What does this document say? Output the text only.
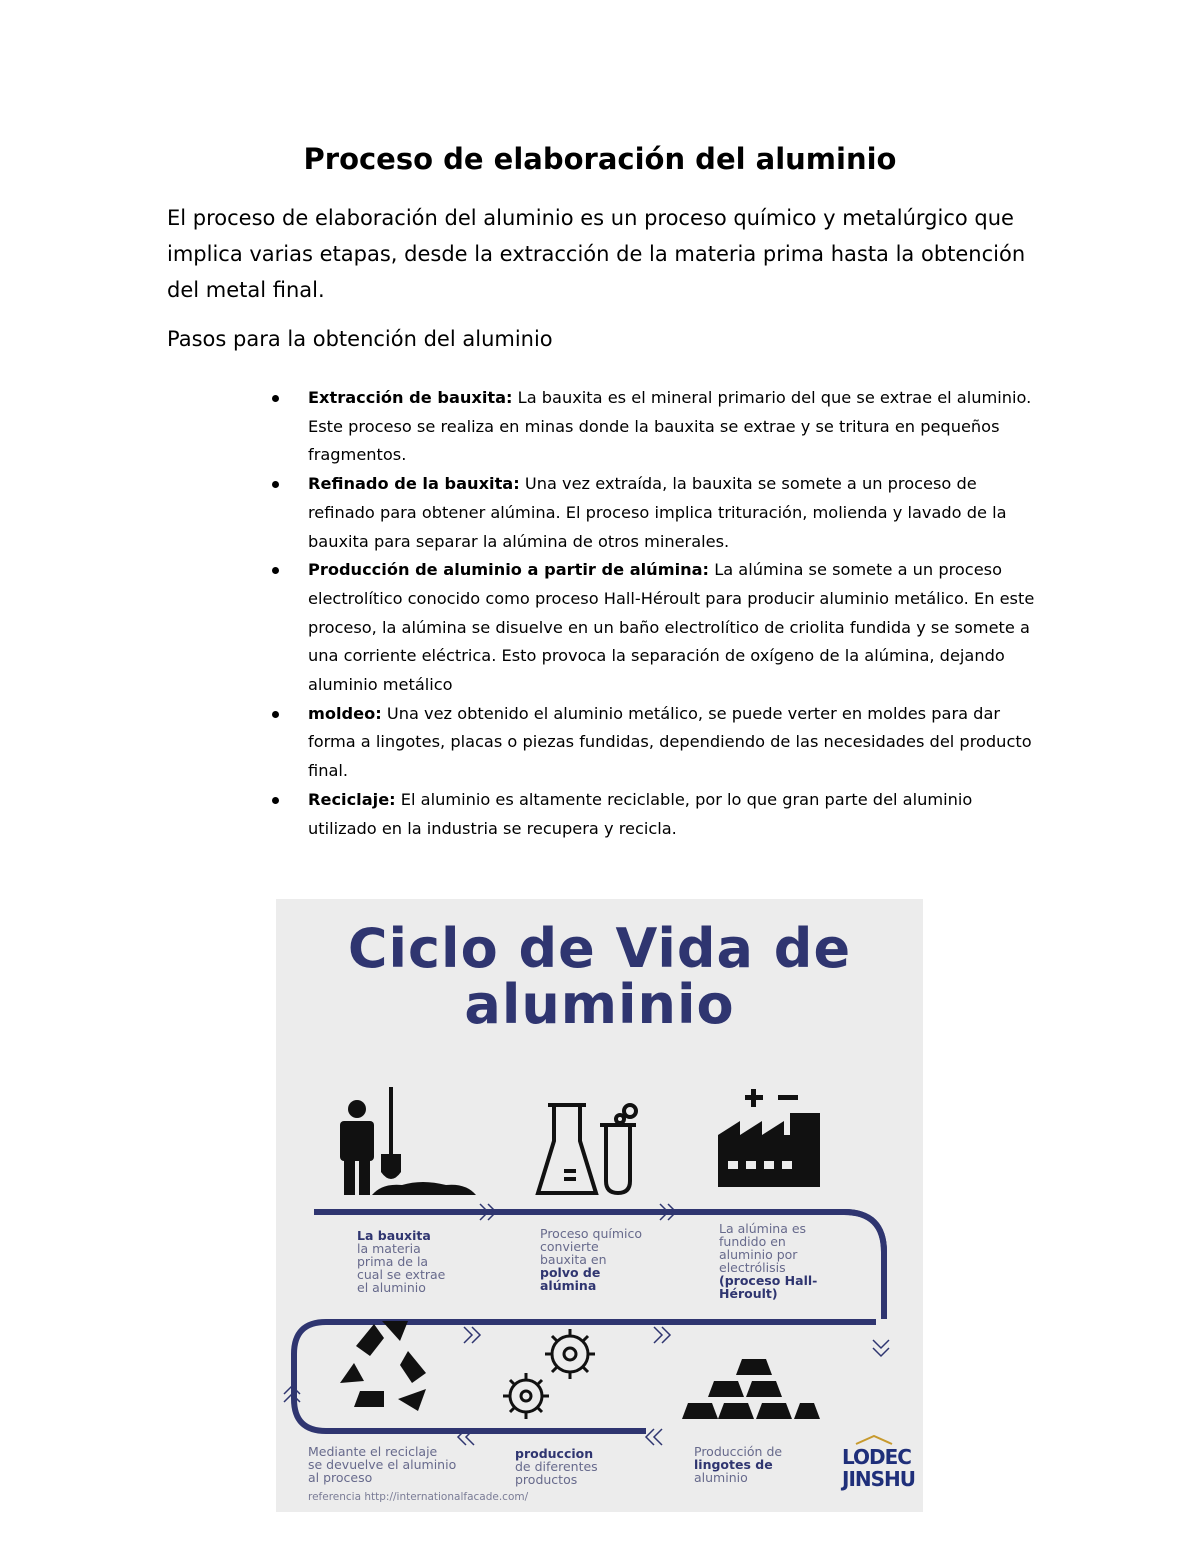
Proceso de elaboración del aluminio
El proceso de elaboración del aluminio es un proceso químico y metalúrgico que implica varias etapas, desde la extracción de la materia prima hasta la obtención del metal final.
Pasos para la obtención del aluminio
Extracción de bauxita: La bauxita es el mineral primario del que se extrae el aluminio. Este proceso se realiza en minas donde la bauxita se extrae y se tritura en pequeños fragmentos.
Refinado de la bauxita: Una vez extraída, la bauxita se somete a un proceso de refinado para obtener alúmina. El proceso implica trituración, molienda y lavado de la bauxita para separar la alúmina de otros minerales.
Producción de aluminio a partir de alúmina: La alúmina se somete a un proceso electrolítico conocido como proceso Hall-Héroult para producir aluminio metálico. En este proceso, la alúmina se disuelve en un baño electrolítico de criolita fundida y se somete a una corriente eléctrica. Esto provoca la separación de oxígeno de la alúmina, dejando aluminio metálico
moldeo: Una vez obtenido el aluminio metálico, se puede verter en moldes para dar forma a lingotes, placas o piezas fundidas, dependiendo de las necesidades del producto final.
Reciclaje: El aluminio es altamente reciclable, por lo que gran parte del aluminio utilizado en la industria se recupera y recicla.
Ciclo de Vida de
aluminio
La bauxita
la materia
prima de la
cual se extrae
el aluminio
Proceso químico
convierte
bauxita en
polvo de
alúmina
La alúmina es
fundido en
aluminio por
electrólisis
(proceso Hall-
Héroult)
Mediante el reciclaje
se devuelve el aluminio
al proceso
produccion
de diferentes
productos
Producción de
lingotes de
aluminio
LODEC
JINSHU
referencia http://internationalfacade.com/
